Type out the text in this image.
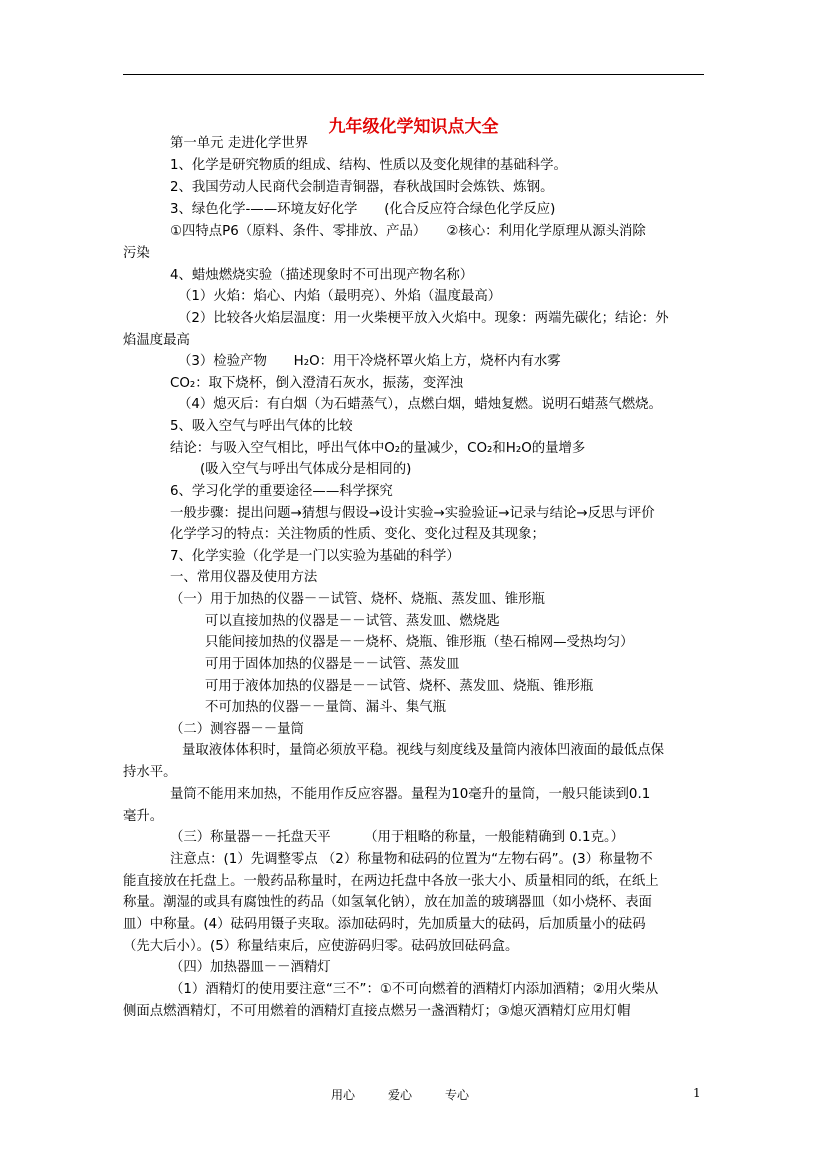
九年级化学知识点大全
第一单元 走进化学世界
1、化学是研究物质的组成、结构、性质以及变化规律的基础科学。
2、我国劳动人民商代会制造青铜器，春秋战国时会炼铁、炼钢。
3、绿色化学-——环境友好化学　　(化合反应符合绿色化学反应)
①四特点P6（原料、条件、零排放、产品）　　②核心：利用化学原理从源头消除
污染
4、蜡烛燃烧实验（描述现象时不可出现产物名称）
（1）火焰：焰心、内焰（最明亮）、外焰（温度最高）
（2）比较各火焰层温度：用一火柴梗平放入火焰中。现象：两端先碳化；结论：外
焰温度最高
（3）检验产物　　H₂O：用干冷烧杯罩火焰上方，烧杯内有水雾
CO₂：取下烧杯，倒入澄清石灰水，振荡，变浑浊
（4）熄灭后：有白烟（为石蜡蒸气），点燃白烟，蜡烛复燃。说明石蜡蒸气燃烧。
5、吸入空气与呼出气体的比较
结论：与吸入空气相比，呼出气体中O₂的量减少，CO₂和H₂O的量增多
(吸入空气与呼出气体成分是相同的)
6、学习化学的重要途径——科学探究
一般步骤：提出问题→猜想与假设→设计实验→实验验证→记录与结论→反思与评价
化学学习的特点：关注物质的性质、变化、变化过程及其现象；
7、化学实验（化学是一门以实验为基础的科学）
一、常用仪器及使用方法
（一）用于加热的仪器－－试管、烧杯、烧瓶、蒸发皿、锥形瓶
可以直接加热的仪器是－－试管、蒸发皿、燃烧匙
只能间接加热的仪器是－－烧杯、烧瓶、锥形瓶（垫石棉网—受热均匀）
可用于固体加热的仪器是－－试管、蒸发皿
可用于液体加热的仪器是－－试管、烧杯、蒸发皿、烧瓶、锥形瓶
不可加热的仪器－－量筒、漏斗、集气瓶
（二）测容器－－量筒
量取液体体积时，量筒必须放平稳。视线与刻度线及量筒内液体凹液面的最低点保
持水平。
量筒不能用来加热，不能用作反应容器。量程为10毫升的量筒，一般只能读到0.1
毫升。
（三）称量器－－托盘天平　　　（用于粗略的称量，一般能精确到 0.1克。）
注意点：(1）先调整零点 （2）称量物和砝码的位置为“左物右码”。(3）称量物不
能直接放在托盘上。一般药品称量时，在两边托盘中各放一张大小、质量相同的纸，在纸上
称量。潮湿的或具有腐蚀性的药品（如氢氧化钠），放在加盖的玻璃器皿（如小烧杯、表面
皿）中称量。(4）砝码用镊子夹取。添加砝码时，先加质量大的砝码，后加质量小的砝码
（先大后小）。(5）称量结束后，应使游码归零。砝码放回砝码盒。
（四）加热器皿－－酒精灯
（1）酒精灯的使用要注意“三不”：①不可向燃着的酒精灯内添加酒精；②用火柴从
侧面点燃酒精灯，不可用燃着的酒精灯直接点燃另一盏酒精灯；③熄灭酒精灯应用灯帽
用心	爱心	专心	1
